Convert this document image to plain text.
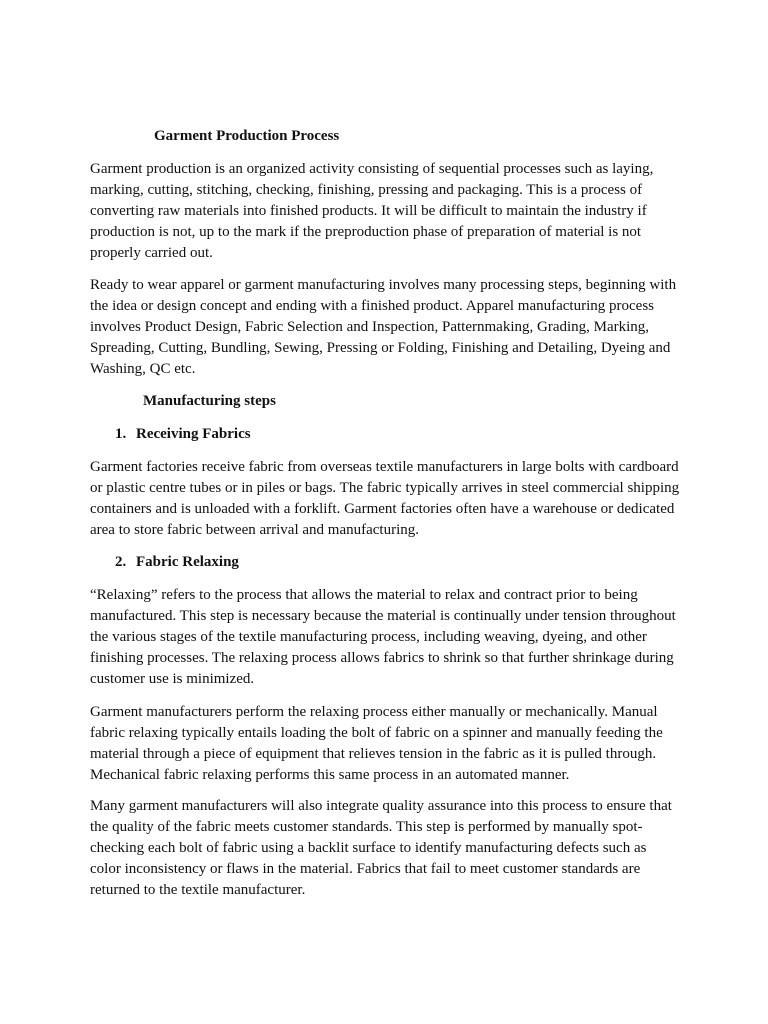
Garment Production Process

Garment production is an organized activity consisting of sequential processes such as laying, marking, cutting, stitching, checking, finishing, pressing and packaging. This is a process of converting raw materials into finished products. It will be difficult to maintain the industry if production is not, up to the mark if the preproduction phase of preparation of material is not properly carried out.

Ready to wear apparel or garment manufacturing involves many processing steps, beginning with the idea or design concept and ending with a finished product. Apparel manufacturing process involves Product Design, Fabric Selection and Inspection, Patternmaking, Grading, Marking, Spreading, Cutting, Bundling, Sewing, Pressing or Folding, Finishing and Detailing, Dyeing and Washing, QC etc.

Manufacturing steps
1. Receiving Fabrics

Garment factories receive fabric from overseas textile manufacturers in large bolts with cardboard or plastic centre tubes or in piles or bags. The fabric typically arrives in steel commercial shipping containers and is unloaded with a forklift. Garment factories often have a warehouse or dedicated area to store fabric between arrival and manufacturing.

2. Fabric Relaxing

“Relaxing” refers to the process that allows the material to relax and contract prior to being manufactured. This step is necessary because the material is continually under tension throughout the various stages of the textile manufacturing process, including weaving, dyeing, and other finishing processes. The relaxing process allows fabrics to shrink so that further shrinkage during customer use is minimized.

Garment manufacturers perform the relaxing process either manually or mechanically. Manual fabric relaxing typically entails loading the bolt of fabric on a spinner and manually feeding the material through a piece of equipment that relieves tension in the fabric as it is pulled through. Mechanical fabric relaxing performs this same process in an automated manner.

Many garment manufacturers will also integrate quality assurance into this process to ensure that the quality of the fabric meets customer standards. This step is performed by manually spot-checking each bolt of fabric using a backlit surface to identify manufacturing defects such as color inconsistency or flaws in the material. Fabrics that fail to meet customer standards are returned to the textile manufacturer.
